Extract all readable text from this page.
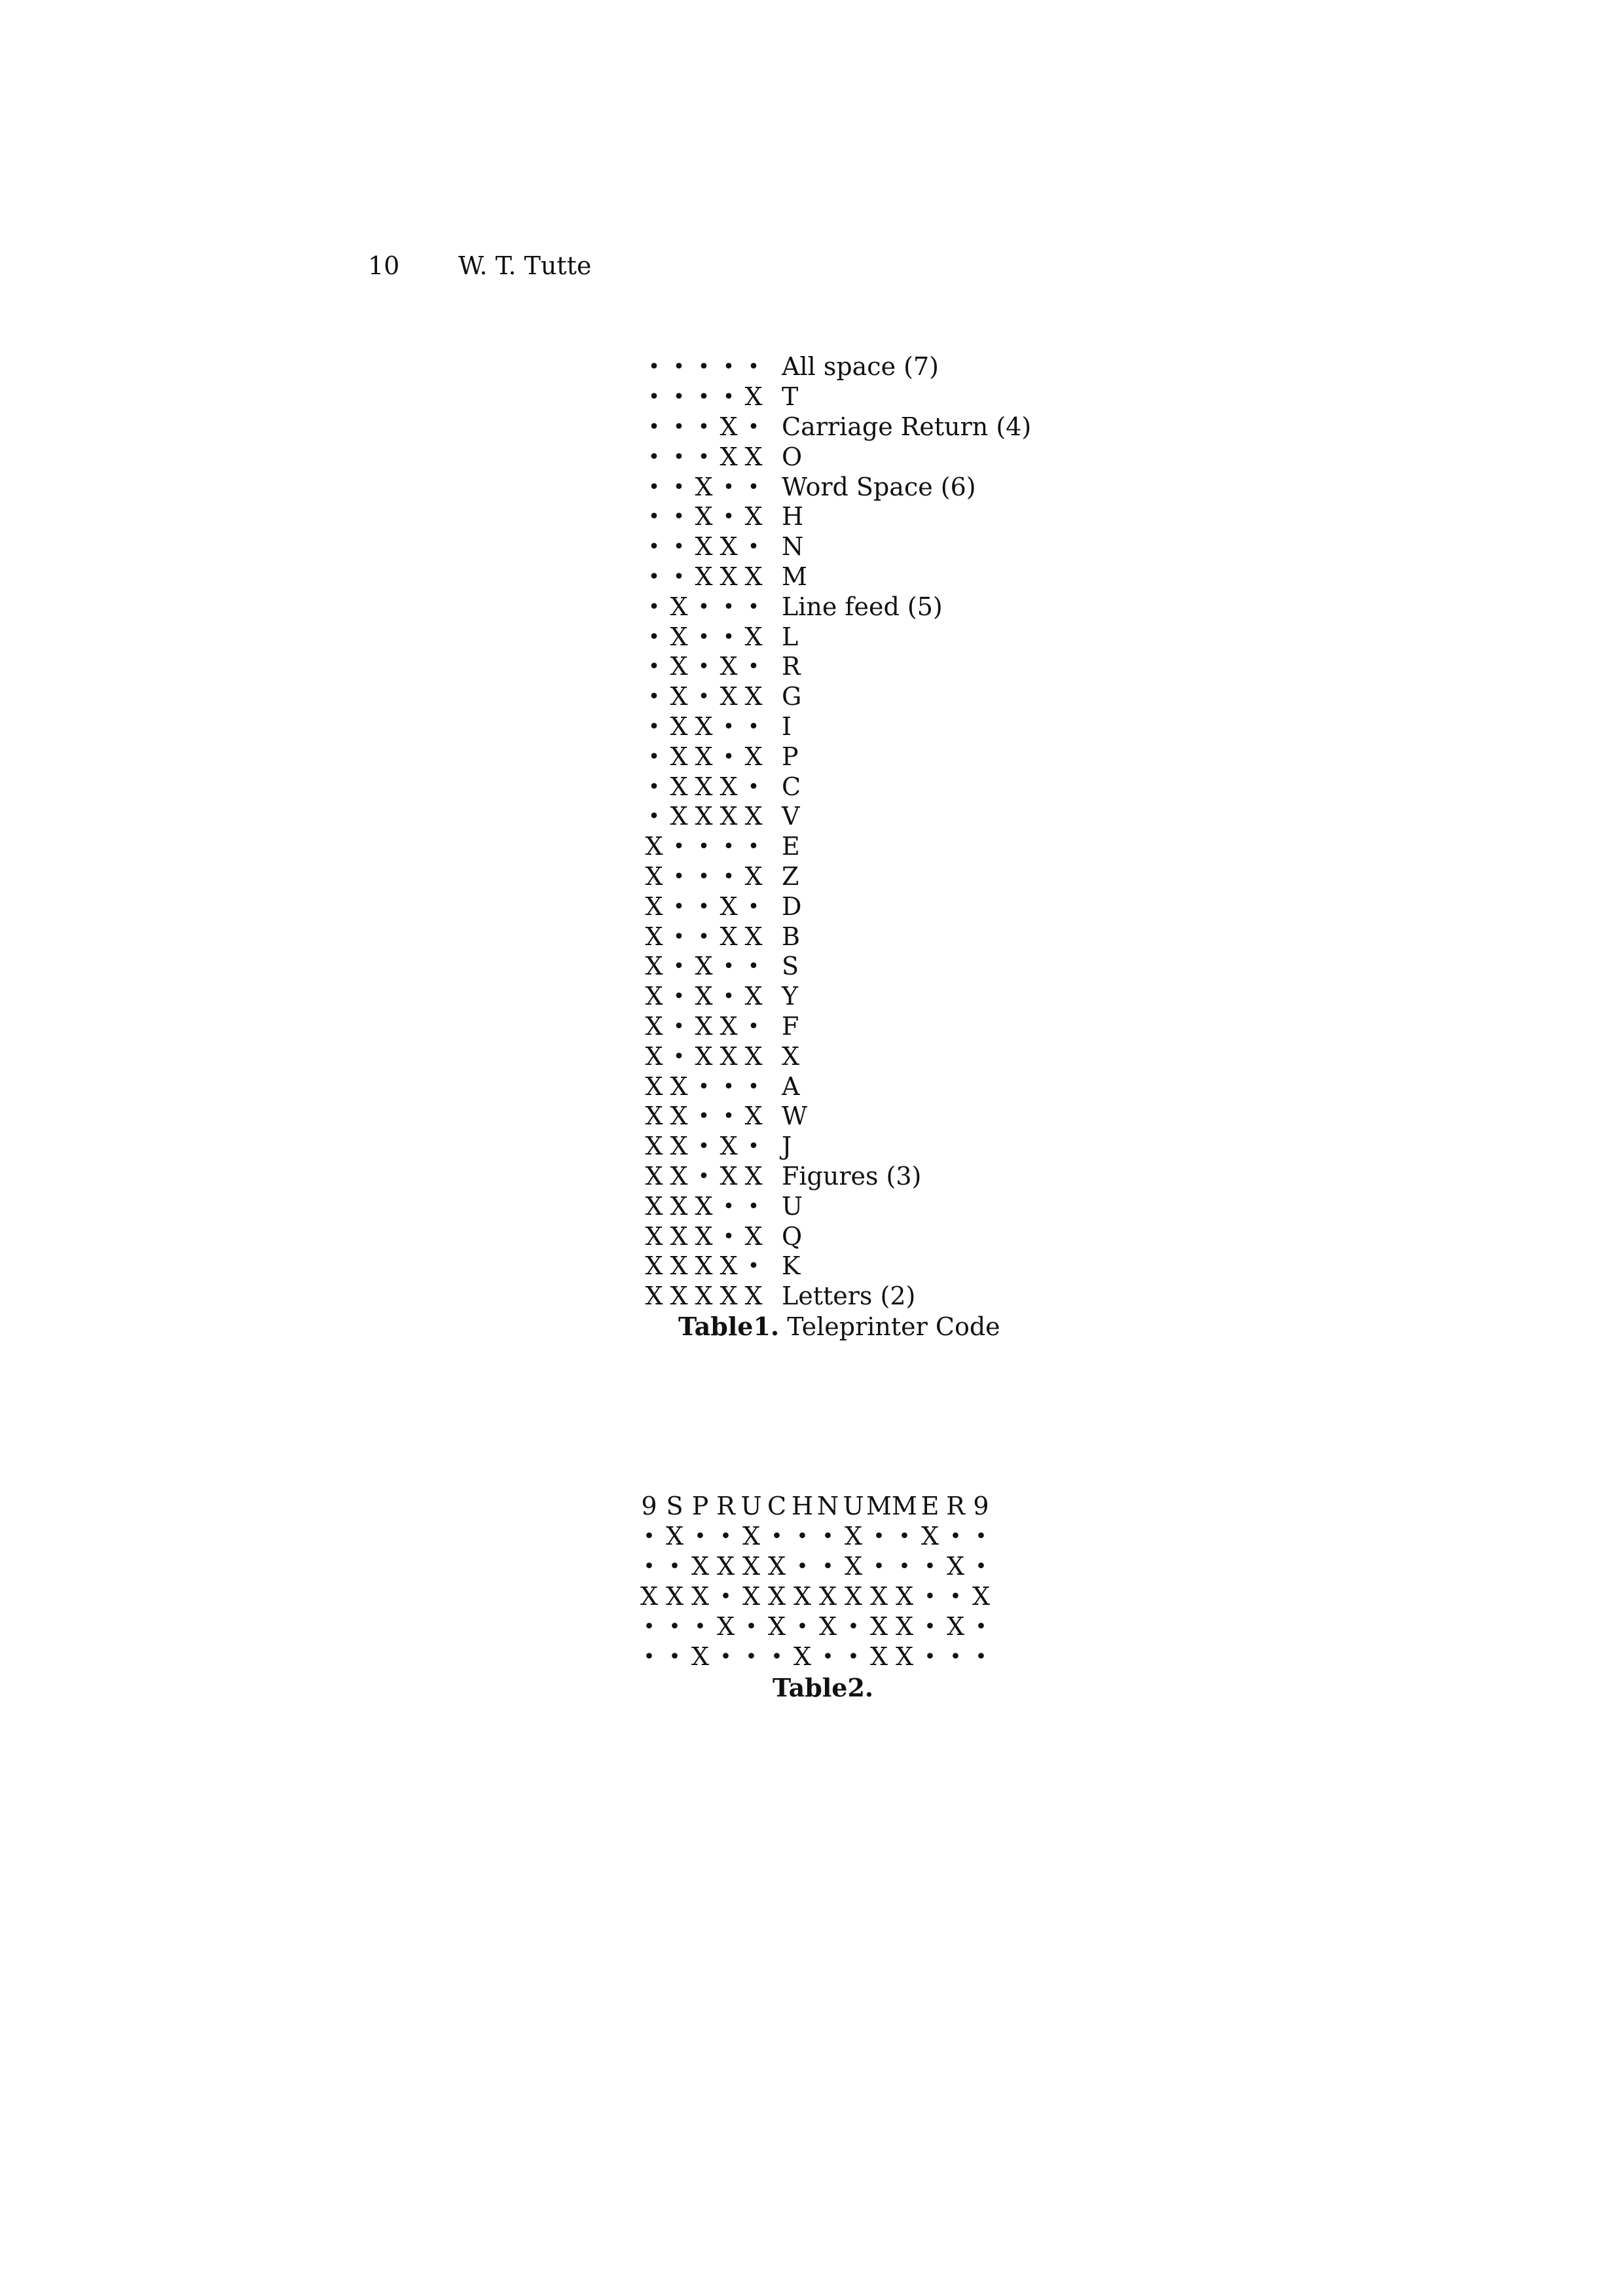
10 W. T. Tutte
• • • • • All space (7)
• • • • X T
• • • X • Carriage Return (4)
• • • X X O
• • X • • Word Space (6)
• • X • X H
• • X X • N
• • X X X M
• X • • • Line feed (5)
• X • • X L
• X • X • R
• X • X X G
• X X • • I
• X X • X P
• X X X • C
• X X X X V
X • • • • E
X • • • X Z
X • • X • D
X • • X X B
X • X • • S
X • X • X Y
X • X X • F
X • X X X X
X X • • • A
X X • • X W
X X • X • J
X X • X X Figures (3)
X X X • • U
X X X • X Q
X X X X • K
X X X X X Letters (2)
Table1. Teleprinter Code
9 S P R U C H N U M M E R 9
• X • • X • • • X • • X • •
• • X X X X • • X • • • X •
X X X • X X X X X X X • • X
• • • X • X • X • X X • X •
• • X • • • X • • X X • • •
Table2.
